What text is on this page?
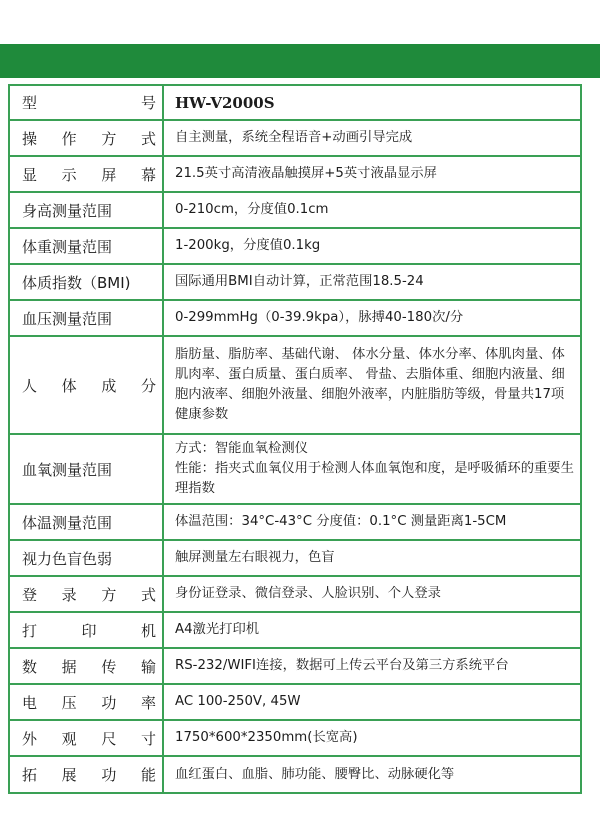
型 号	HW-V2000S

操 作 方 式	自主测量，系统全程语音+动画引导完成

显 示 屏 幕	21.5英寸高清液晶触摸屏+5英寸液晶显示屏

身高测量范围	0-210cm，分度值0.1cm

体重测量范围	1-200kg，分度值0.1kg

体质指数（BMI)	国际通用BMI自动计算，正常范围18.5-24

血压测量范围	0-299mmHg（0-39.9kpa），脉搏40-180次/分

人 体 成 分	脂肪量、脂肪率、基础代谢、 体水分量、体水分率、体肌肉量、体肌肉率、蛋白质量、蛋白质率、 骨盐、去脂体重、细胞内液量、细胞内液率、细胞外液量、细胞外液率，内脏脂肪等级，骨量共17项健康参数

血氧测量范围	方式：智能血氧检测仪
性能：指夹式血氧仪用于检测人体血氧饱和度，是呼吸循环的重要生理指数

体温测量范围	体温范围：34°C-43°C 分度值：0.1°C 测量距离1-5CM

视力色盲色弱	触屏测量左右眼视力，色盲

登 录 方 式	身份证登录、微信登录、人脸识别、个人登录

打 印 机	A4激光打印机

数 据 传 输	RS-232/WIFI连接，数据可上传云平台及第三方系统平台

电 压 功 率	AC 100-250V, 45W

外 观 尺 寸	1750*600*2350mm(长宽高)

拓 展 功 能	血红蛋白、血脂、肺功能、腰臀比、动脉硬化等
